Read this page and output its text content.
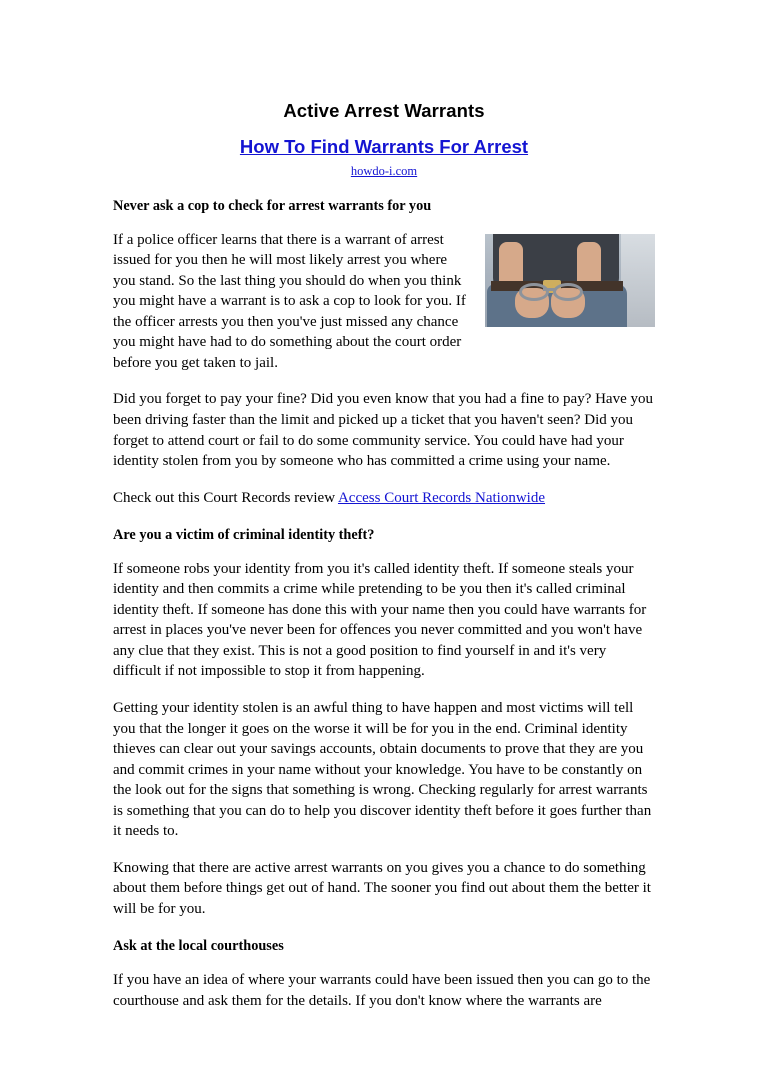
Active Arrest Warrants
How To Find Warrants For Arrest
howdo-i.com
Never ask a cop to check for arrest warrants for you

If a police officer learns that there is a warrant of arrest issued for you then he will most likely arrest you where you stand. So the last thing you should do when you think you might have a warrant is to ask a cop to look for you. If the officer arrests you then you've just missed any chance you might have had to do something about the court order before you get taken to jail.

Did you forget to pay your fine? Did you even know that you had a fine to pay? Have you been driving faster than the limit and picked up a ticket that you haven't seen? Did you forget to attend court or fail to do some community service. You could have had your identity stolen from you by someone who has committed a crime using your name.

Check out this Court Records review Access Court Records Nationwide

Are you a victim of criminal identity theft?

If someone robs your identity from you it's called identity theft. If someone steals your identity and then commits a crime while pretending to be you then it's called criminal identity theft. If someone has done this with your name then you could have warrants for arrest in places you've never been for offences you never committed and you won't have any clue that they exist. This is not a good position to find yourself in and it's very difficult if not impossible to stop it from happening.

Getting your identity stolen is an awful thing to have happen and most victims will tell you that the longer it goes on the worse it will be for you in the end. Criminal identity thieves can clear out your savings accounts, obtain documents to prove that they are you and commit crimes in your name without your knowledge. You have to be constantly on the look out for the signs that something is wrong. Checking regularly for arrest warrants is something that you can do to help you discover identity theft before it goes further than it needs to.

Knowing that there are active arrest warrants on you gives you a chance to do something about them before things get out of hand. The sooner you find out about them the better it will be for you.

Ask at the local courthouses

If you have an idea of where your warrants could have been issued then you can go to the courthouse and ask them for the details. If you don't know where the warrants are
